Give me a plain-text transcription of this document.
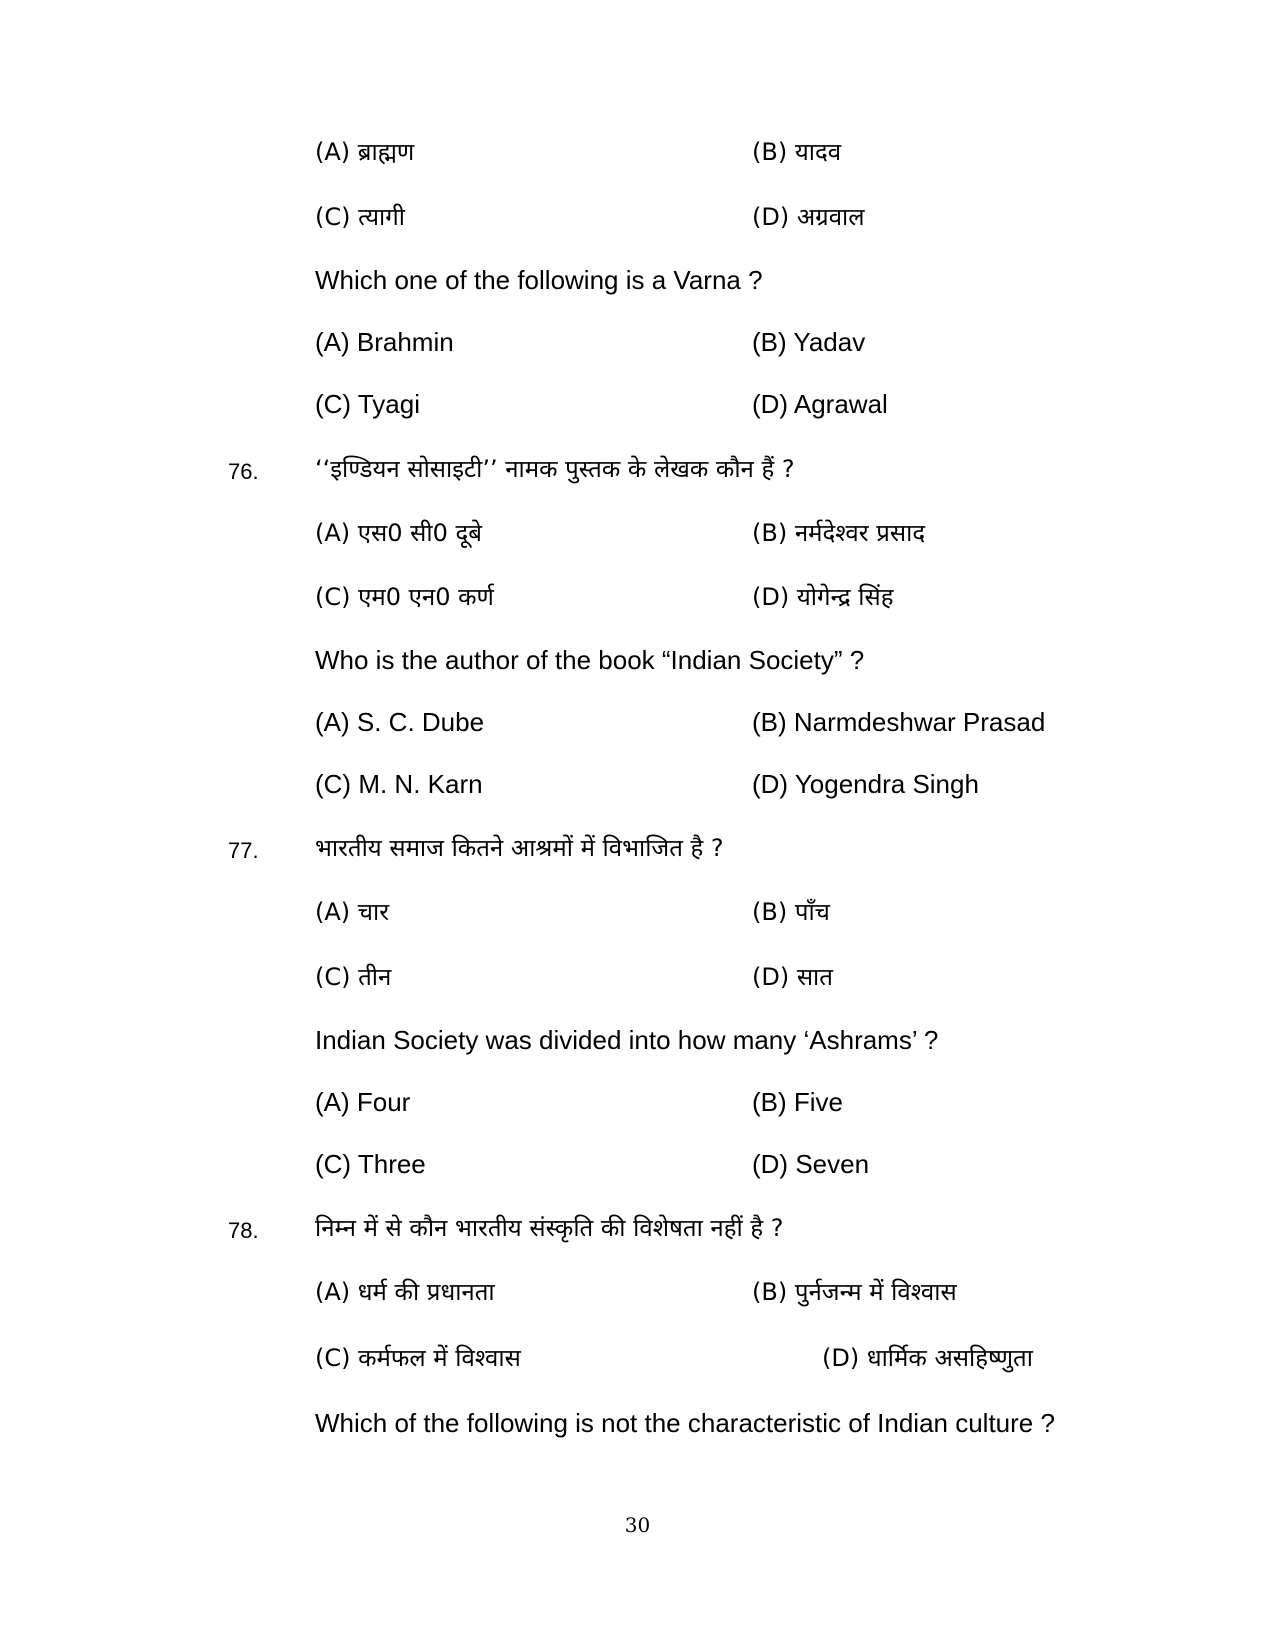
(A) ब्राह्मण	(B) यादव
(C) त्यागी	(D) अग्रवाल
Which one of the following is a Varna ?
(A) Brahmin	(B) Yadav
(C) Tyagi	(D) Agrawal
76. ‘‘इण्डियन सोसाइटी’’ नामक पुस्तक के लेखक कौन हैं ?
(A) एस0 सी0 दूबे	(B) नर्मदेश्वर प्रसाद
(C) एम0 एन0 कर्ण	(D) योगेन्द्र सिंह
Who is the author of the book “Indian Society” ?
(A) S. C. Dube	(B) Narmdeshwar Prasad
(C) M. N. Karn	(D) Yogendra Singh
77. भारतीय समाज कितने आश्रमों में विभाजित है ?
(A) चार	(B) पाँच
(C) तीन	(D) सात
Indian Society was divided into how many ‘Ashrams’ ?
(A) Four	(B) Five
(C) Three	(D) Seven
78. निम्न में से कौन भारतीय संस्कृति की विशेषता नहीं है ?
(A) धर्म की प्रधानता	(B) पुर्नजन्म में विश्वास
(C) कर्मफल में विश्वास	(D) धार्मिक असहिष्णुता
Which of the following is not the characteristic of Indian culture ?
30
